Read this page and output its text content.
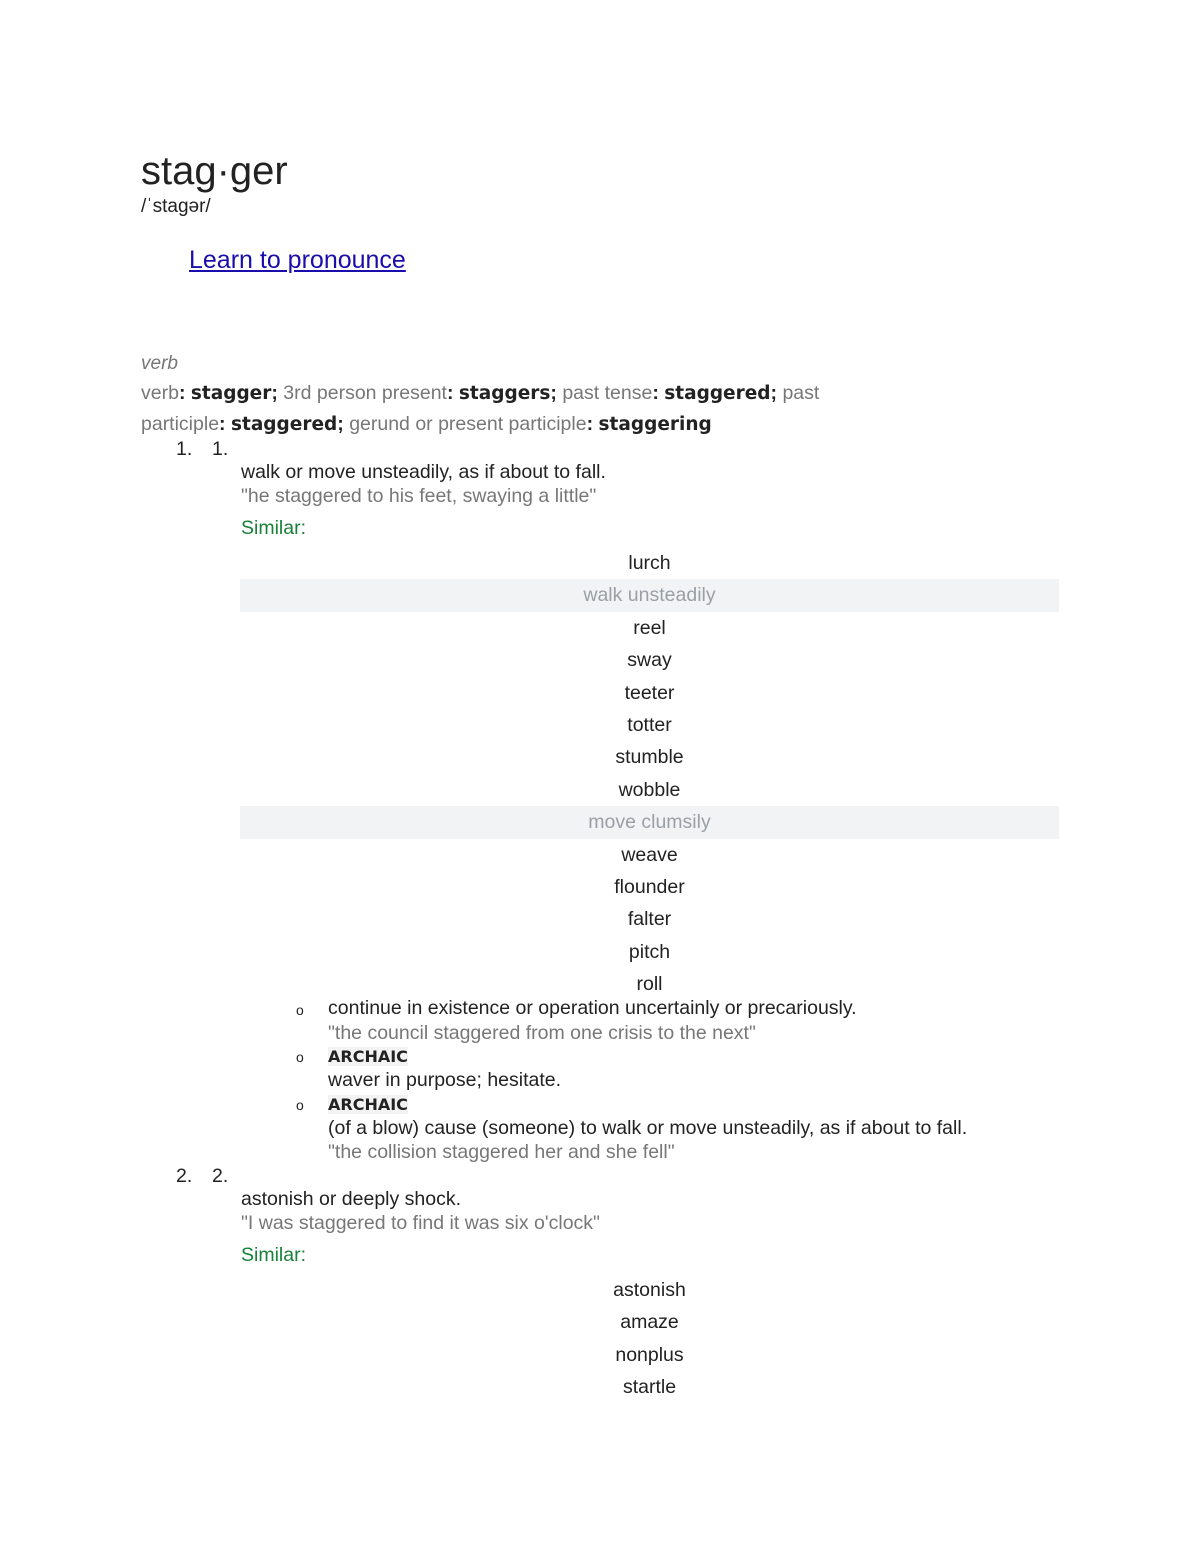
stag·ger
/ˈstaɡər/
Learn to pronounce
verb
verb: stagger; 3rd person present: staggers; past tense: staggered; past
participle: staggered; gerund or present participle: staggering
1. 1.
walk or move unsteadily, as if about to fall.
"he staggered to his feet, swaying a little"
Similar:
lurch
walk unsteadily
reel
sway
teeter
totter
stumble
wobble
move clumsily
weave
flounder
falter
pitch
roll
o continue in existence or operation uncertainly or precariously.
"the council staggered from one crisis to the next"
o ARCHAIC
waver in purpose; hesitate.
o ARCHAIC
(of a blow) cause (someone) to walk or move unsteadily, as if about to fall.
"the collision staggered her and she fell"
2. 2.
astonish or deeply shock.
"I was staggered to find it was six o'clock"
Similar:
astonish
amaze
nonplus
startle
